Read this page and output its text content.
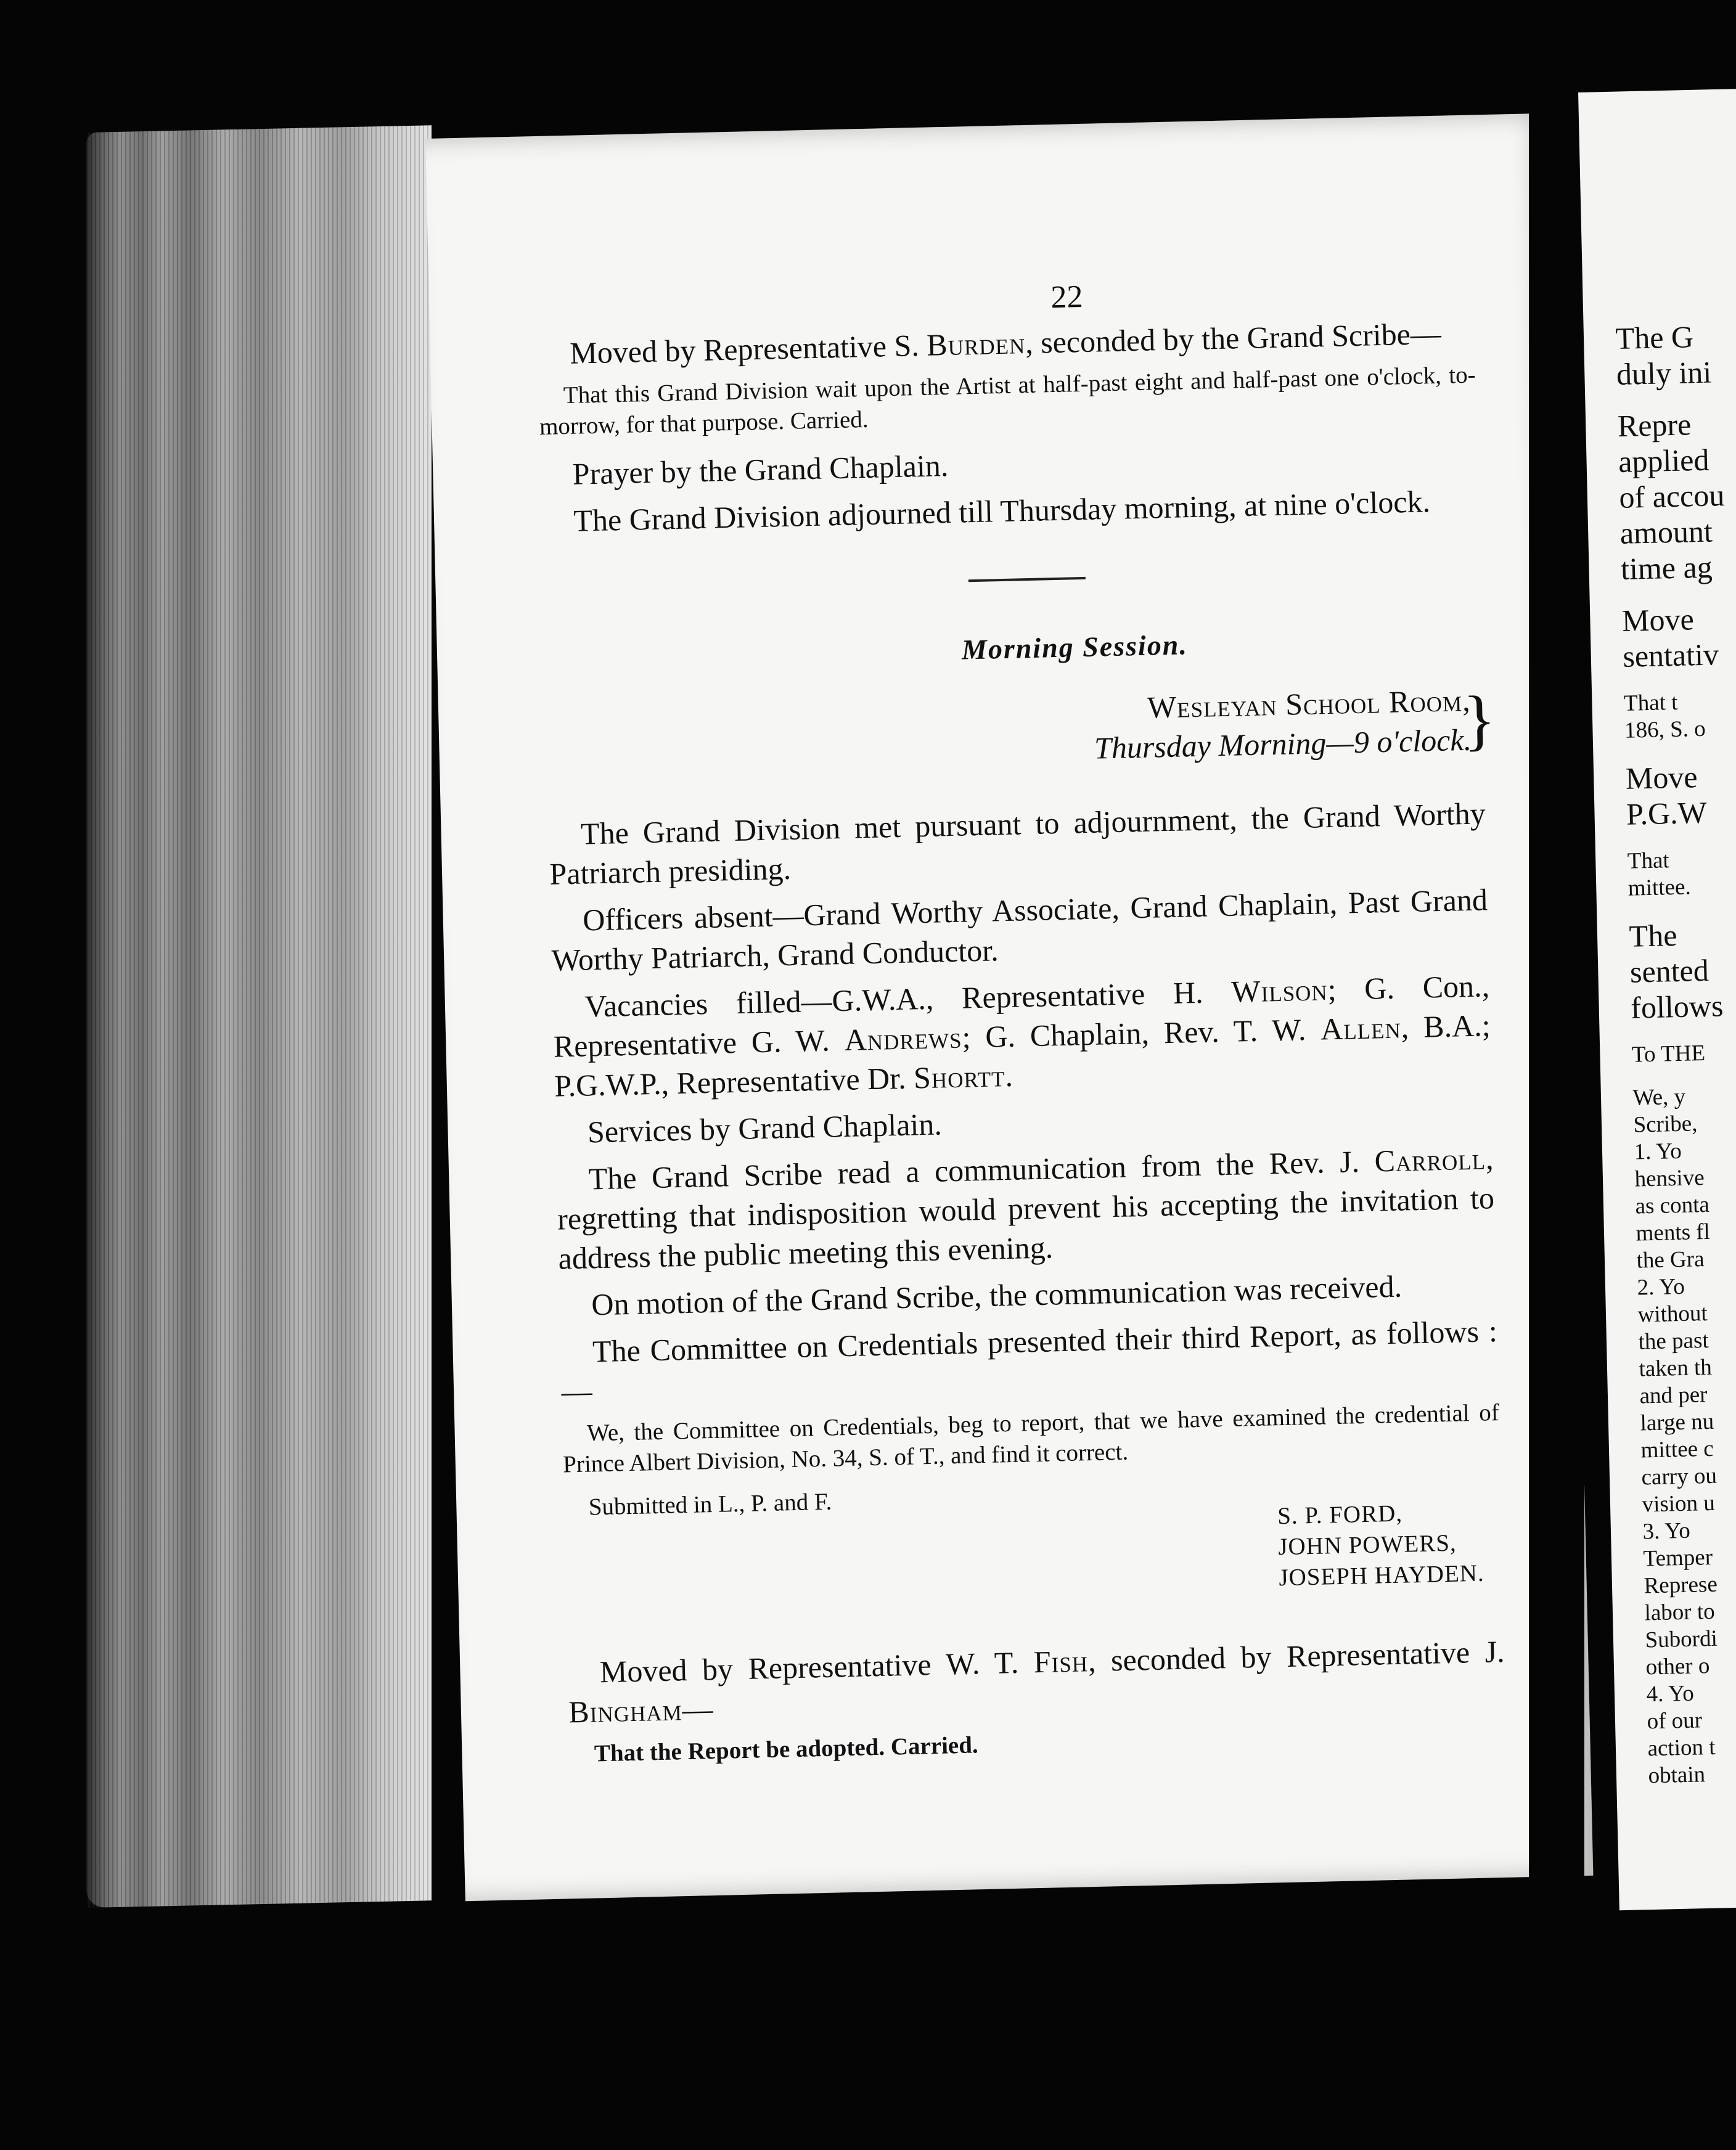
22

Moved by Representative S. Burden, seconded by the Grand Scribe—

That this Grand Division wait upon the Artist at half-past eight and half-past one o'clock, to-morrow, for that purpose. Carried.

Prayer by the Grand Chaplain.

The Grand Division adjourned till Thursday morning, at nine o'clock.

Morning Session.
Wesleyan School Room,
Thursday Morning—9 o'clock.
}

The Grand Division met pursuant to adjournment, the Grand Worthy Patriarch presiding.

Officers absent—Grand Worthy Associate, Grand Chaplain, Past Grand Worthy Patriarch, Grand Conductor.

Vacancies filled—G.W.A., Representative H. Wilson; G. Con., Representative G. W. Andrews; G. Chaplain, Rev. T. W. Allen, B.A.; P.G.W.P., Representative Dr. Shortt.

Services by Grand Chaplain.

The Grand Scribe read a communication from the Rev. J. Carroll, regretting that indisposition would prevent his accepting the invitation to address the public meeting this evening.

On motion of the Grand Scribe, the communication was received.

The Committee on Credentials presented their third Report, as follows :—

We, the Committee on Credentials, beg to report, that we have examined the credential of Prince Albert Division, No. 34, S. of T., and find it correct.

Submitted in L., P. and F.	S. P. FORD,
JOHN POWERS,
JOSEPH HAYDEN.

Moved by Representative W. T. Fish, seconded by Representative J. Bingham—

That the Report be adopted. Carried.

The G
duly ini
Repre
applied
of accou
amount
time ag
Move
sentativ
That t
186, S. o
Move
P.G.W
That
mittee.
The
sented
follows
To THE
We, y
Scribe,
1. Yo
hensive
as conta
ments fl
the Gra
2. Yo
without
the past
taken th
and per
large nu
mittee c
carry ou
vision u
3. Yo
Temper
Represe
labor to
Subordi
other o
4. Yo
of our
action t
obtain
